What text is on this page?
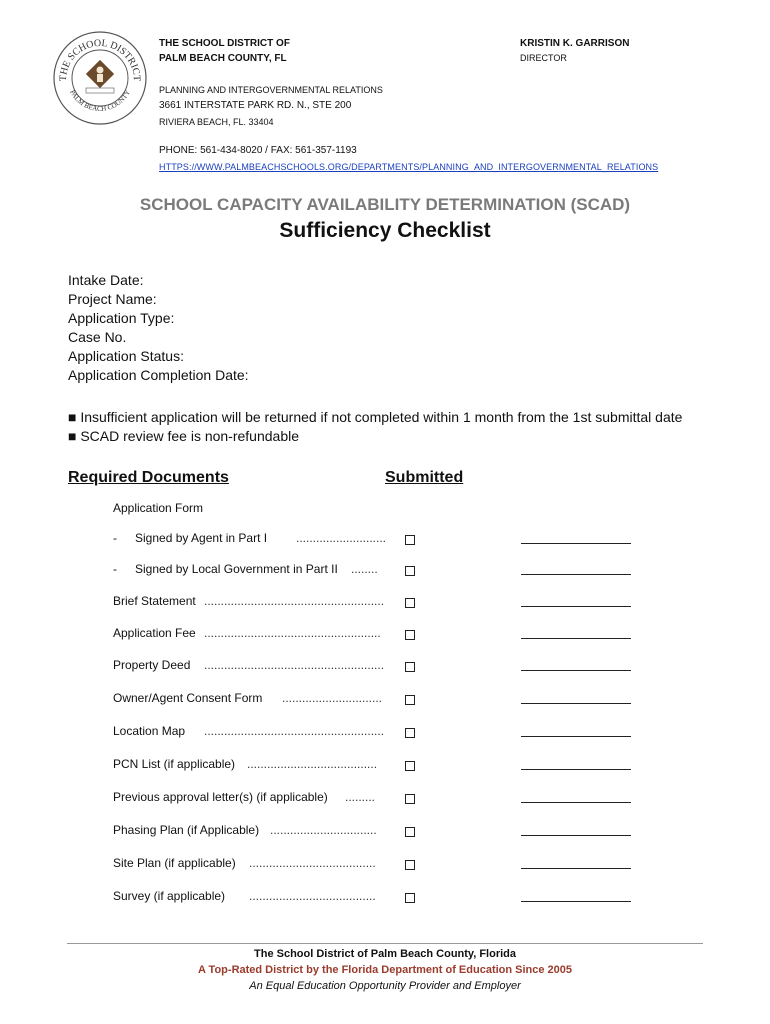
THE SCHOOL DISTRICT
PALM BEACH COUNTY
THE SCHOOL DISTRICT OF
PALM BEACH COUNTY, FL
KRISTIN K. GARRISON
DIRECTOR
PLANNING AND INTERGOVERNMENTAL RELATIONS
3661 INTERSTATE PARK RD. N., STE 200
RIVIERA BEACH, FL. 33404
PHONE: 561-434-8020 / FAX: 561-357-1193
HTTPS://WWW.PALMBEACHSCHOOLS.ORG/DEPARTMENTS/PLANNING_AND_INTERGOVERNMENTAL_RELATIONS
SCHOOL CAPACITY AVAILABILITY DETERMINATION (SCAD)
Sufficiency Checklist
Intake Date:
Project Name:
Application Type:
Case No.
Application Status:
Application Completion Date:
■ Insufficient application will be returned if not completed within 1 month from the 1st submittal date
■ SCAD review fee is non-refundable
Required Documents	Submitted
Application Form
- Signed by Agent in Part I ...........................
- Signed by Local Government in Part II ........
Brief Statement ......................................................
Application Fee .....................................................
Property Deed ......................................................
Owner/Agent Consent Form ..............................
Location Map ......................................................
PCN List (if applicable) .......................................
Previous approval letter(s) (if applicable) .........
Phasing Plan (if Applicable) ................................
Site Plan (if applicable) ......................................
Survey (if applicable) ......................................
The School District of Palm Beach County, Florida
A Top-Rated District by the Florida Department of Education Since 2005
An Equal Education Opportunity Provider and Employer
